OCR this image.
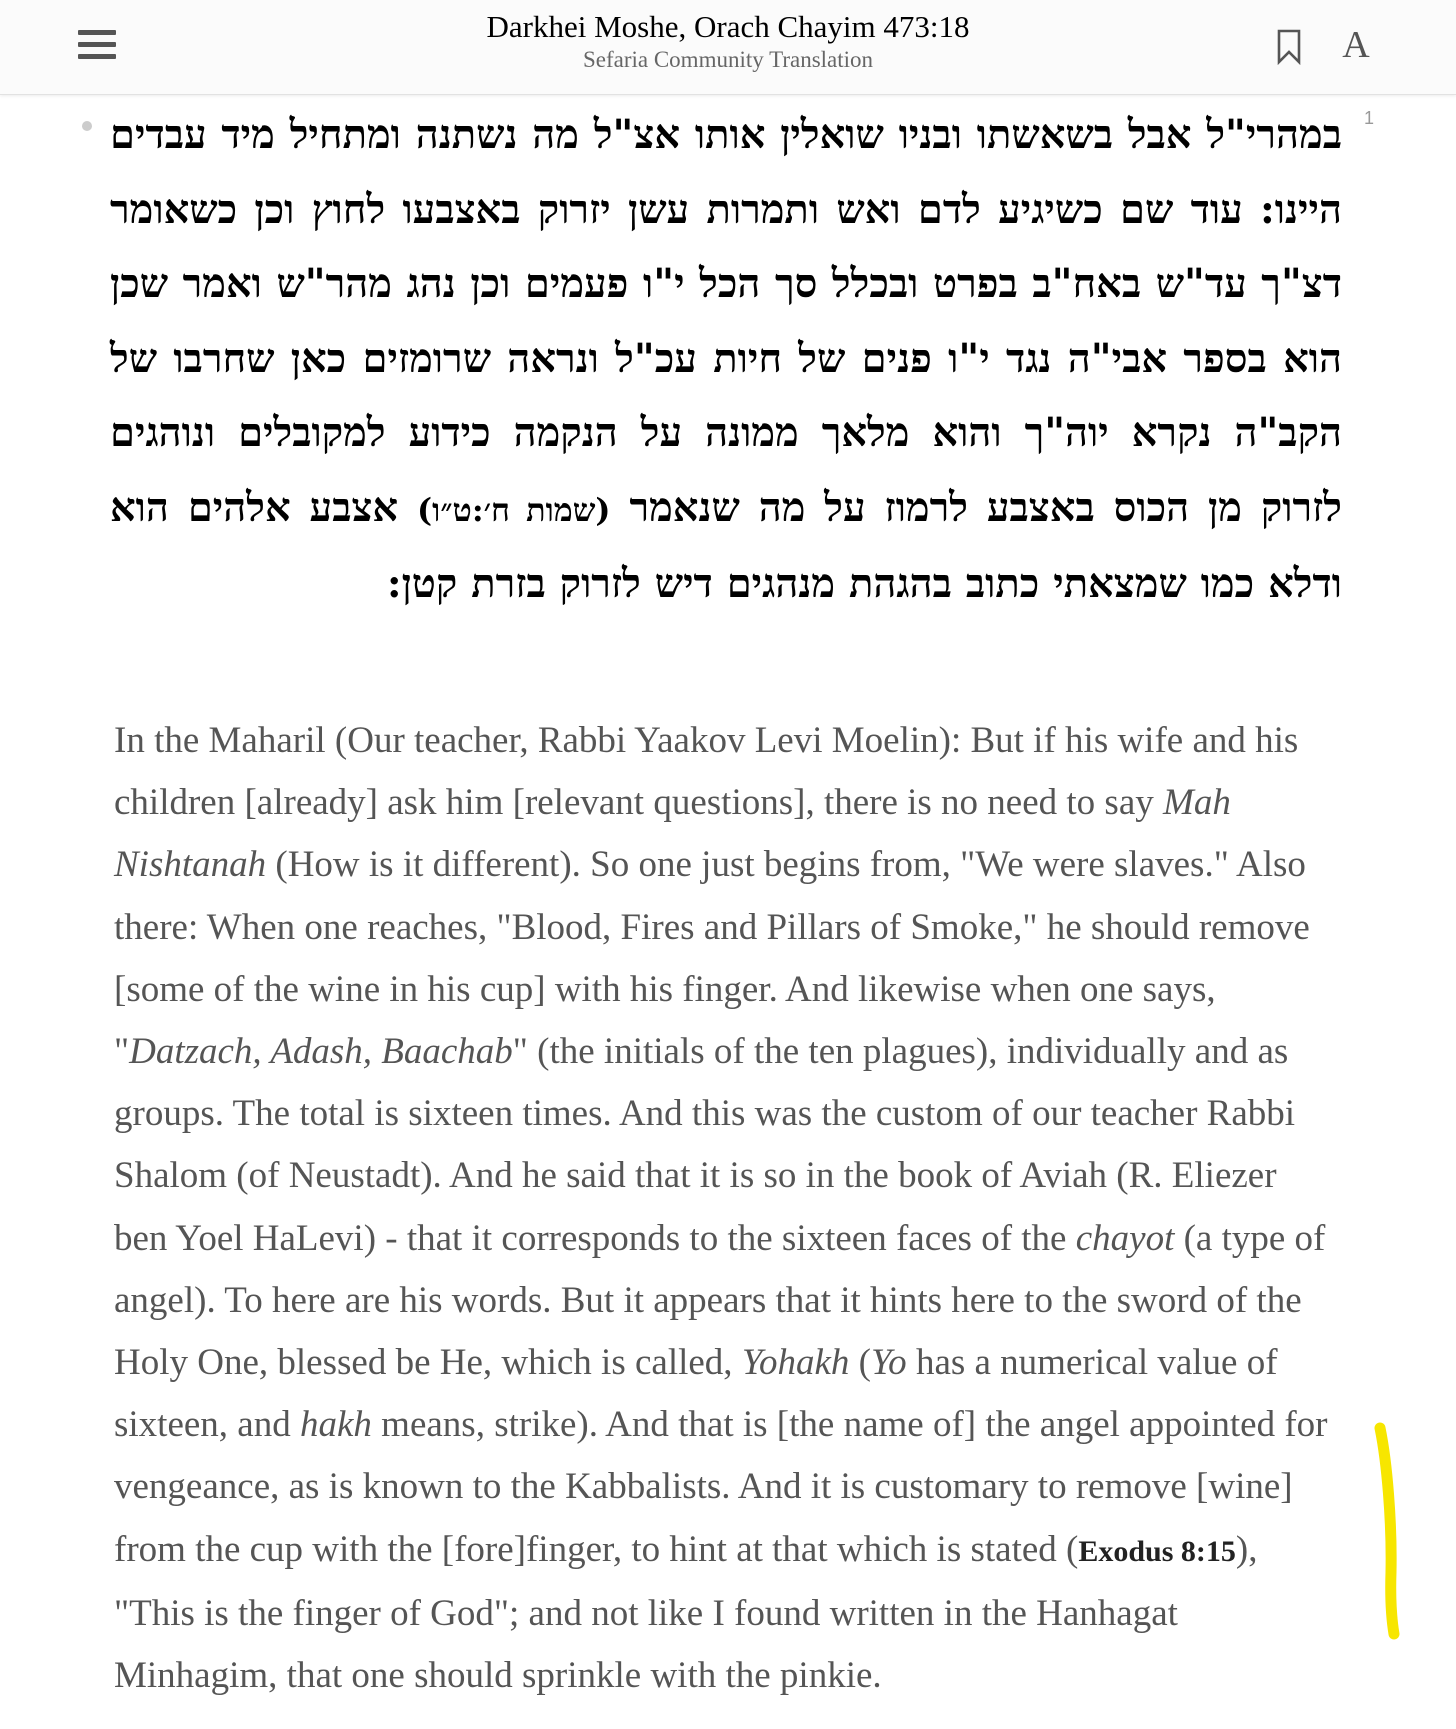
Darkhei Moshe, Orach Chayim 473:18
Sefaria Community Translation	A
1
במהרי"ל אבל בשאשתו ובניו שואלין אותו אצ"ל מה נשתנה ומתחיל מיד עבדים היינו: עוד שם כשיגיע לדם ואש ותמרות עשן יזרוק באצבעו לחוץ וכן כשאומר דצ"ך עד"ש באח"ב בפרט ובכלל סך הכל י"ו פעמים וכן נהג מהר"ש ואמר שכן הוא בספר אבי"ה נגד י"ו פנים של חיות עכ"ל ונראה שרומזים כאן שחרבו של הקב"ה נקרא יוה"ך והוא מלאך ממונה על הנקמה כידוע למקובלים ונוהגים לזרוק מן הכוס באצבע לרמוז על מה שנאמר (שמות ח׳:ט״ו) אצבע אלהים הוא ודלא כמו שמצאתי כתוב בהגהת מנהגים דיש לזרוק בזרת קטן:
In the Maharil (Our teacher, Rabbi Yaakov Levi Moelin): But if his wife and his children [already] ask him [relevant questions], there is no need to say Mah Nishtanah (How is it different). So one just begins from, "We were slaves." Also there: When one reaches, "Blood, Fires and Pillars of Smoke," he should remove [some of the wine in his cup] with his finger. And likewise when one says, "Datzach, Adash, Baachab" (the initials of the ten plagues), individually and as groups. The total is sixteen times. And this was the custom of our teacher Rabbi Shalom (of Neustadt). And he said that it is so in the book of Aviah (R. Eliezer ben Yoel HaLevi) - that it corresponds to the sixteen faces of the chayot (a type of angel). To here are his words. But it appears that it hints here to the sword of the Holy One, blessed be He, which is called, Yohakh (Yo has a numerical value of sixteen, and hakh means, strike). And that is [the name of] the angel appointed for vengeance, as is known to the Kabbalists. And it is customary to remove [wine] from the cup with the [fore]finger, to hint at that which is stated (Exodus 8:15), "This is the finger of God"; and not like I found written in the Hanhagat Minhagim, that one should sprinkle with the pinkie.
